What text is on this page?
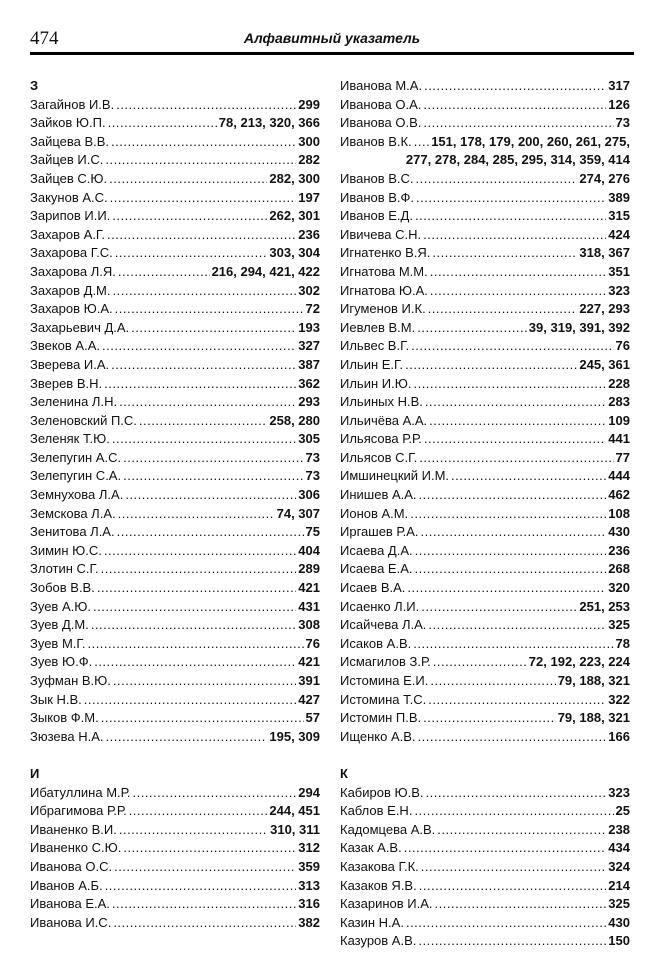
474	Алфавитный указатель
З
Загайнов И.В. .....	299
Зайков Ю.П. .....	78, 213, 320, 366
Зайцева В.В. .....	300
Зайцев И.С. .....	282
Зайцев С.Ю. .....	282, 300
Закунов А.С. .....	197
Зарипов И.И. .....	262, 301
Захаров А.Г. .....	236
Захарова Г.С. .....	303, 304
Захарова Л.Я. .....	216, 294, 421, 422
Захаров Д.М. .....	302
Захаров Ю.А. .....	72
Захарьевич Д.А. .....	193
Звеков А.А. .....	327
Зверева И.А. .....	387
Зверев В.Н. .....	362
Зеленина Л.Н. .....	293
Зеленовский П.С. .....	258, 280
Зеленяк Т.Ю. .....	305
Зелепугин А.С. .....	73
Зелепугин С.А. .....	73
Земнухова Л.А. .....	306
Земскова Л.А. .....	74, 307
Зенитова Л.А. .....	75
Зимин Ю.С. .....	404
Злотин С.Г. .....	289
Зобов В.В. .....	421
Зуев А.Ю. .....	431
Зуев Д.М. .....	308
Зуев М.Г. .....	76
Зуев Ю.Ф. .....	421
Зуфман В.Ю. .....	391
Зык Н.В. .....	427
Зыков Ф.М. .....	57
Зюзева Н.А. .....	195, 309
И
Ибатуллина М.Р. .....	294
Ибрагимова Р.Р. .....	244, 451
Иваненко В.И. .....	310, 311
Иваненко С.Ю. .....	312
Иванова О.С. .....	359
Иванов А.Б. .....	313
Иванова Е.А. .....	316
Иванова И.С. .....	382
Иванова М.А. .....	317
Иванова О.А. .....	126
Иванова О.В. .....	73
Иванов В.К. ..... 151, 178, 179, 200, 260, 261, 275,
277, 278, 284, 285, 295, 314, 359, 414
Иванов В.С. .....	274, 276
Иванов В.Ф. .....	389
Иванов Е.Д. .....	315
Ивичева С.Н. .....	424
Игнатенко В.Я. .....	318, 367
Игнатова М.М. .....	351
Игнатова Ю.А. .....	323
Игуменов И.К. .....	227, 293
Иевлев В.М. .....	39, 319, 391, 392
Ильвес В.Г. .....	76
Ильин Е.Г. .....	245, 361
Ильин И.Ю. .....	228
Ильиных Н.В. .....	283
Ильичёва А.А. .....	109
Ильясова Р.Р. .....	441
Ильясов С.Г. .....	77
Имшинецкий И.М. .....	444
Инишев А.А. .....	462
Ионов А.М. .....	108
Иргашев Р.А. .....	430
Исаева Д.А. .....	236
Исаева Е.А. .....	268
Исаев В.А. .....	320
Исаенко Л.И. .....	251, 253
Исайчева Л.А. .....	325
Исаков А.В. .....	78
Исмагилов З.Р. .....	72, 192, 223, 224
Истомина Е.И. .....	79, 188, 321
Истомина Т.С. .....	322
Истомин П.В. .....	79, 188, 321
Ищенко А.В. .....	166
К
Кабиров Ю.В. .....	323
Каблов Е.Н. .....	25
Кадомцева А.В. .....	238
Казак А.В. .....	434
Казакова Г.К. .....	324
Казаков Я.В. .....	214
Казаринов И.А. .....	325
Казин Н.А. .....	430
Казуров А.В. .....	150
